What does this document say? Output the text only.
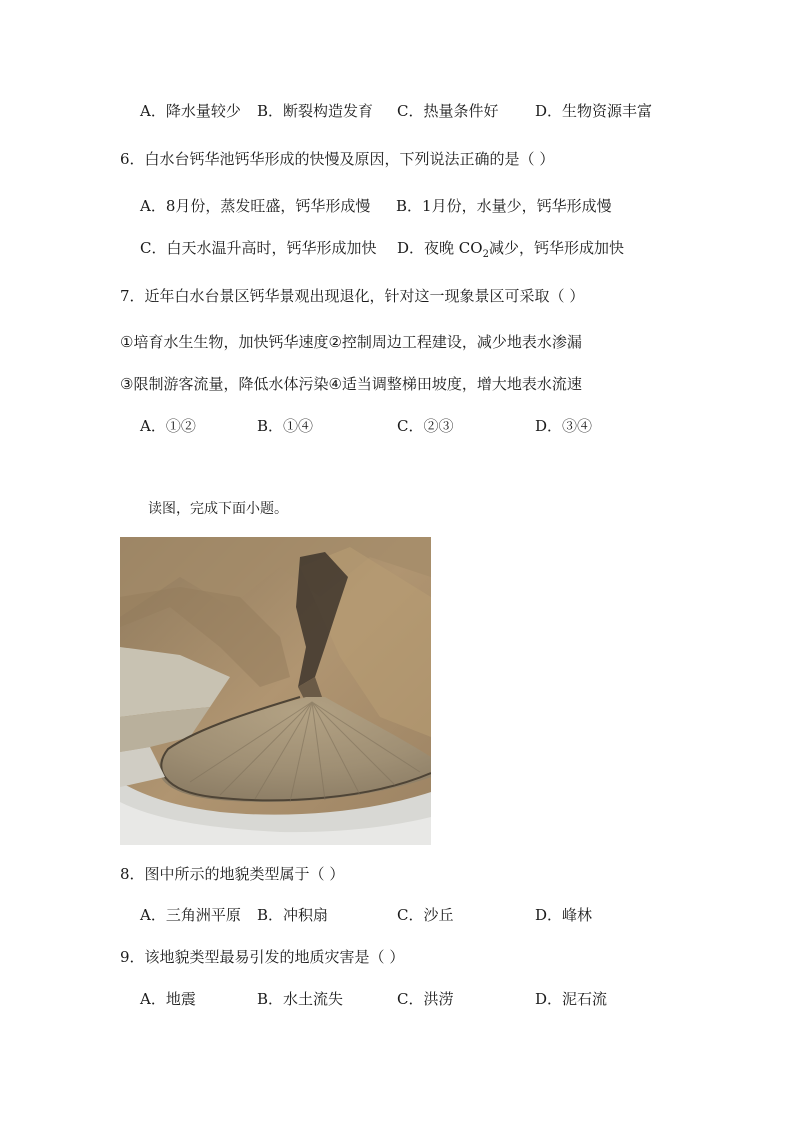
A．降水量较少 B．断裂构造发育 C．热量条件好 D．生物资源丰富
6．白水台钙华池钙华形成的快慢及原因，下列说法正确的是（ ）
A．8月份，蒸发旺盛，钙华形成慢 B．1月份，水量少，钙华形成慢
C．白天水温升高时，钙华形成加快 D．夜晚 $CO_2$减少，钙华形成加快
7．近年白水台景区钙华景观出现退化，针对这一现象景区可采取（ ）
①培育水生生物，加快钙华速度②控制周边工程建设，减少地表水渗漏
③限制游客流量，降低水体污染④适当调整梯田坡度，增大地表水流速
A．①②	B．①④	C．②③	D．③④
读图，完成下面小题。
8．图中所示的地貌类型属于（ ）
A．三角洲平原 B．冲积扇	C．沙丘	D．峰林
9．该地貌类型最易引发的地质灾害是（ ）
A．地震	B．水土流失	C．洪涝	D．泥石流
